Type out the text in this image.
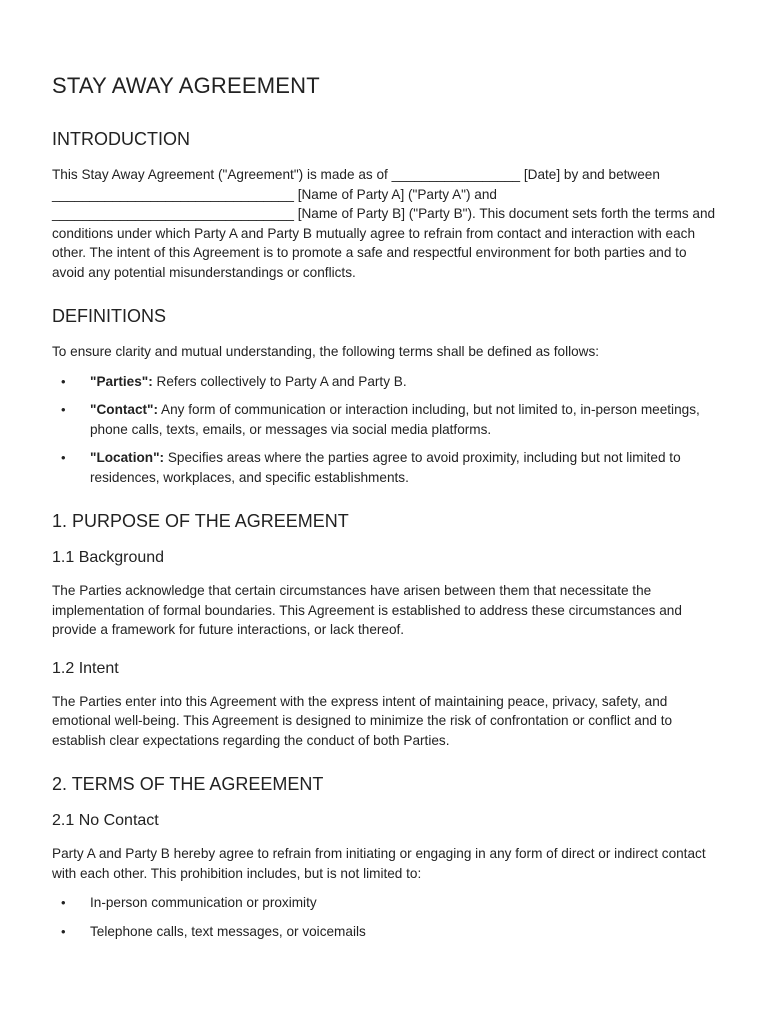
STAY AWAY AGREEMENT
INTRODUCTION

This Stay Away Agreement ("Agreement") is made as of _________________ [Date] by and between ________________________________ [Name of Party A] ("Party A") and ________________________________ [Name of Party B] ("Party B"). This document sets forth the terms and conditions under which Party A and Party B mutually agree to refrain from contact and interaction with each other. The intent of this Agreement is to promote a safe and respectful environment for both parties and to avoid any potential misunderstandings or conflicts.

DEFINITIONS

To ensure clarity and mutual understanding, the following terms shall be defined as follows:

• "Parties": Refers collectively to Party A and Party B.
• "Contact": Any form of communication or interaction including, but not limited to, in-person meetings, phone calls, texts, emails, or messages via social media platforms.
• "Location": Specifies areas where the parties agree to avoid proximity, including but not limited to residences, workplaces, and specific establishments.
1. PURPOSE OF THE AGREEMENT
1.1 Background

The Parties acknowledge that certain circumstances have arisen between them that necessitate the implementation of formal boundaries. This Agreement is established to address these circumstances and provide a framework for future interactions, or lack thereof.

1.2 Intent

The Parties enter into this Agreement with the express intent of maintaining peace, privacy, safety, and emotional well-being. This Agreement is designed to minimize the risk of confrontation or conflict and to establish clear expectations regarding the conduct of both Parties.

2. TERMS OF THE AGREEMENT
2.1 No Contact

Party A and Party B hereby agree to refrain from initiating or engaging in any form of direct or indirect contact with each other. This prohibition includes, but is not limited to:

• In-person communication or proximity
• Telephone calls, text messages, or voicemails
